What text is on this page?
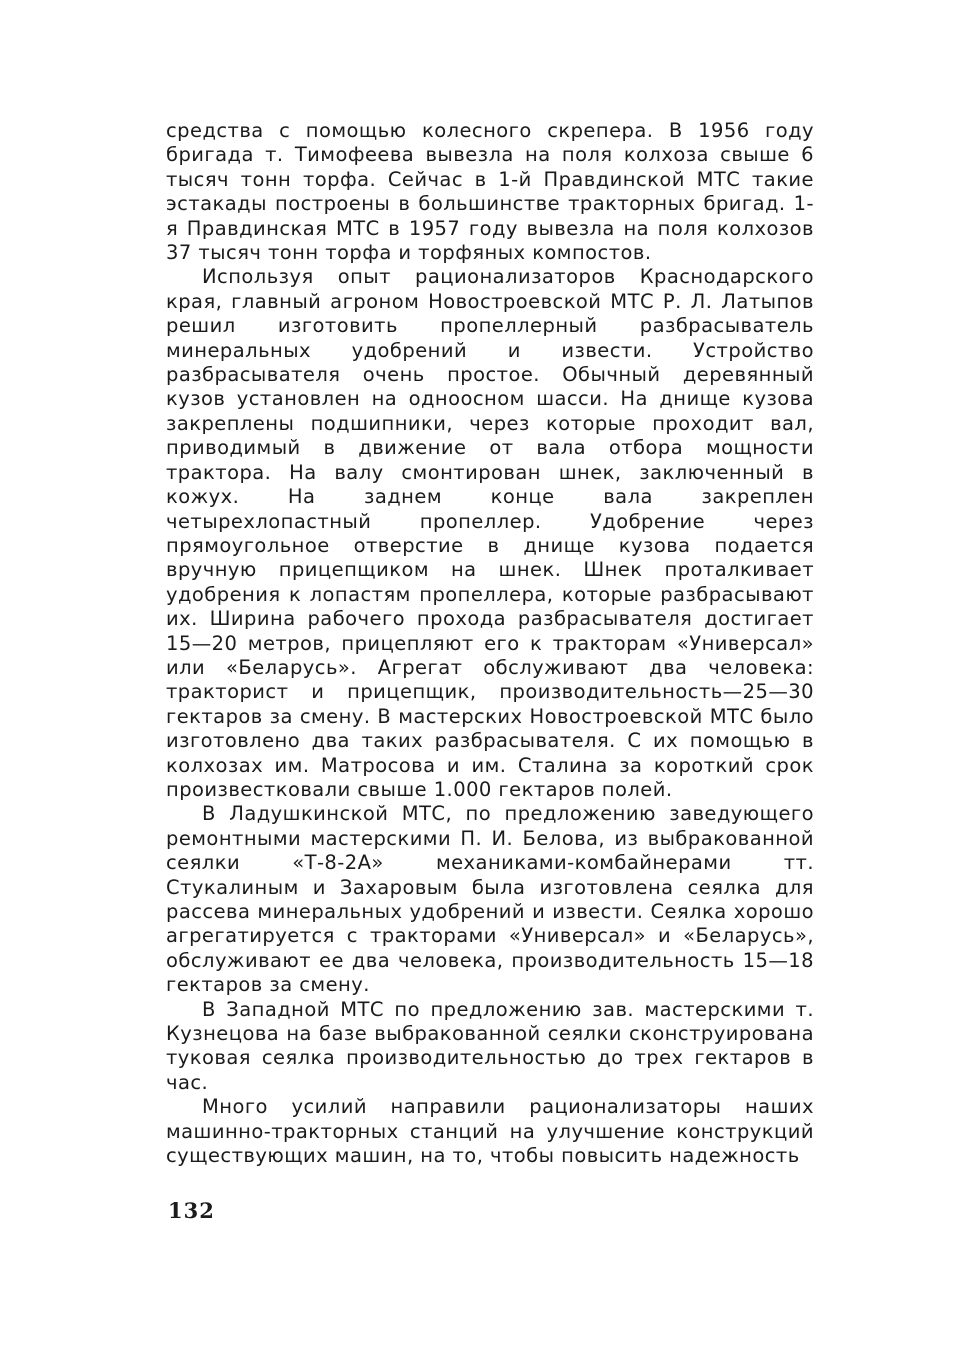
средства с помощью колесного скрепера. В 1956 году бригада т. Тимофеева вывезла на поля колхоза свыше 6 тысяч тонн торфа. Сейчас в 1-й Правдинской МТС такие эстакады построены в большинстве тракторных бригад. 1-я Правдинская МТС в 1957 году вывезла на поля колхозов 37 тысяч тонн торфа и торфяных компостов.

Используя опыт рационализаторов Краснодарского края, главный агроном Новостроевской МТС Р. Л. Латыпов решил изготовить пропеллерный разбрасыватель минеральных удобрений и извести. Устройство разбрасывателя очень простое. Обычный деревянный кузов установлен на одноосном шасси. На днище кузова закреплены подшипники, через которые проходит вал, приводимый в движение от вала отбора мощности трактора. На валу смонтирован шнек, заключенный в кожух. На заднем конце вала закреплен четырехлопастный пропеллер. Удобрение через прямоугольное отверстие в днище кузова подается вручную прицепщиком на шнек. Шнек проталкивает удобрения к лопастям пропеллера, которые разбрасывают их. Ширина рабочего прохода разбрасывателя достигает 15—20 метров, прицепляют его к тракторам «Универсал» или «Беларусь». Агрегат обслуживают два человека: тракторист и прицепщик, производительность—25—30 гектаров за смену. В мастерских Новостроевской МТС было изготовлено два таких разбрасывателя. С их помощью в колхозах им. Матросова и им. Сталина за короткий срок произвестковали свыше 1.000 гектаров полей.

В Ладушкинской МТС, по предложению заведующего ремонтными мастерскими П. И. Белова, из выбракованной сеялки «Т-8-2А» механиками-комбайнерами тт. Стукалиным и Захаровым была изготовлена сеялка для рассева минеральных удобрений и извести. Сеялка хорошо агрегатируется с тракторами «Универсал» и «Беларусь», обслуживают ее два человека, производительность 15—18 гектаров за смену.

В Западной МТС по предложению зав. мастерскими т. Кузнецова на базе выбракованной сеялки сконструирована туковая сеялка производительностью до трех гектаров в час.

Много усилий направили рационализаторы наших машинно-тракторных станций на улучшение конструкций существующих машин, на то, чтобы повысить надежность

132
